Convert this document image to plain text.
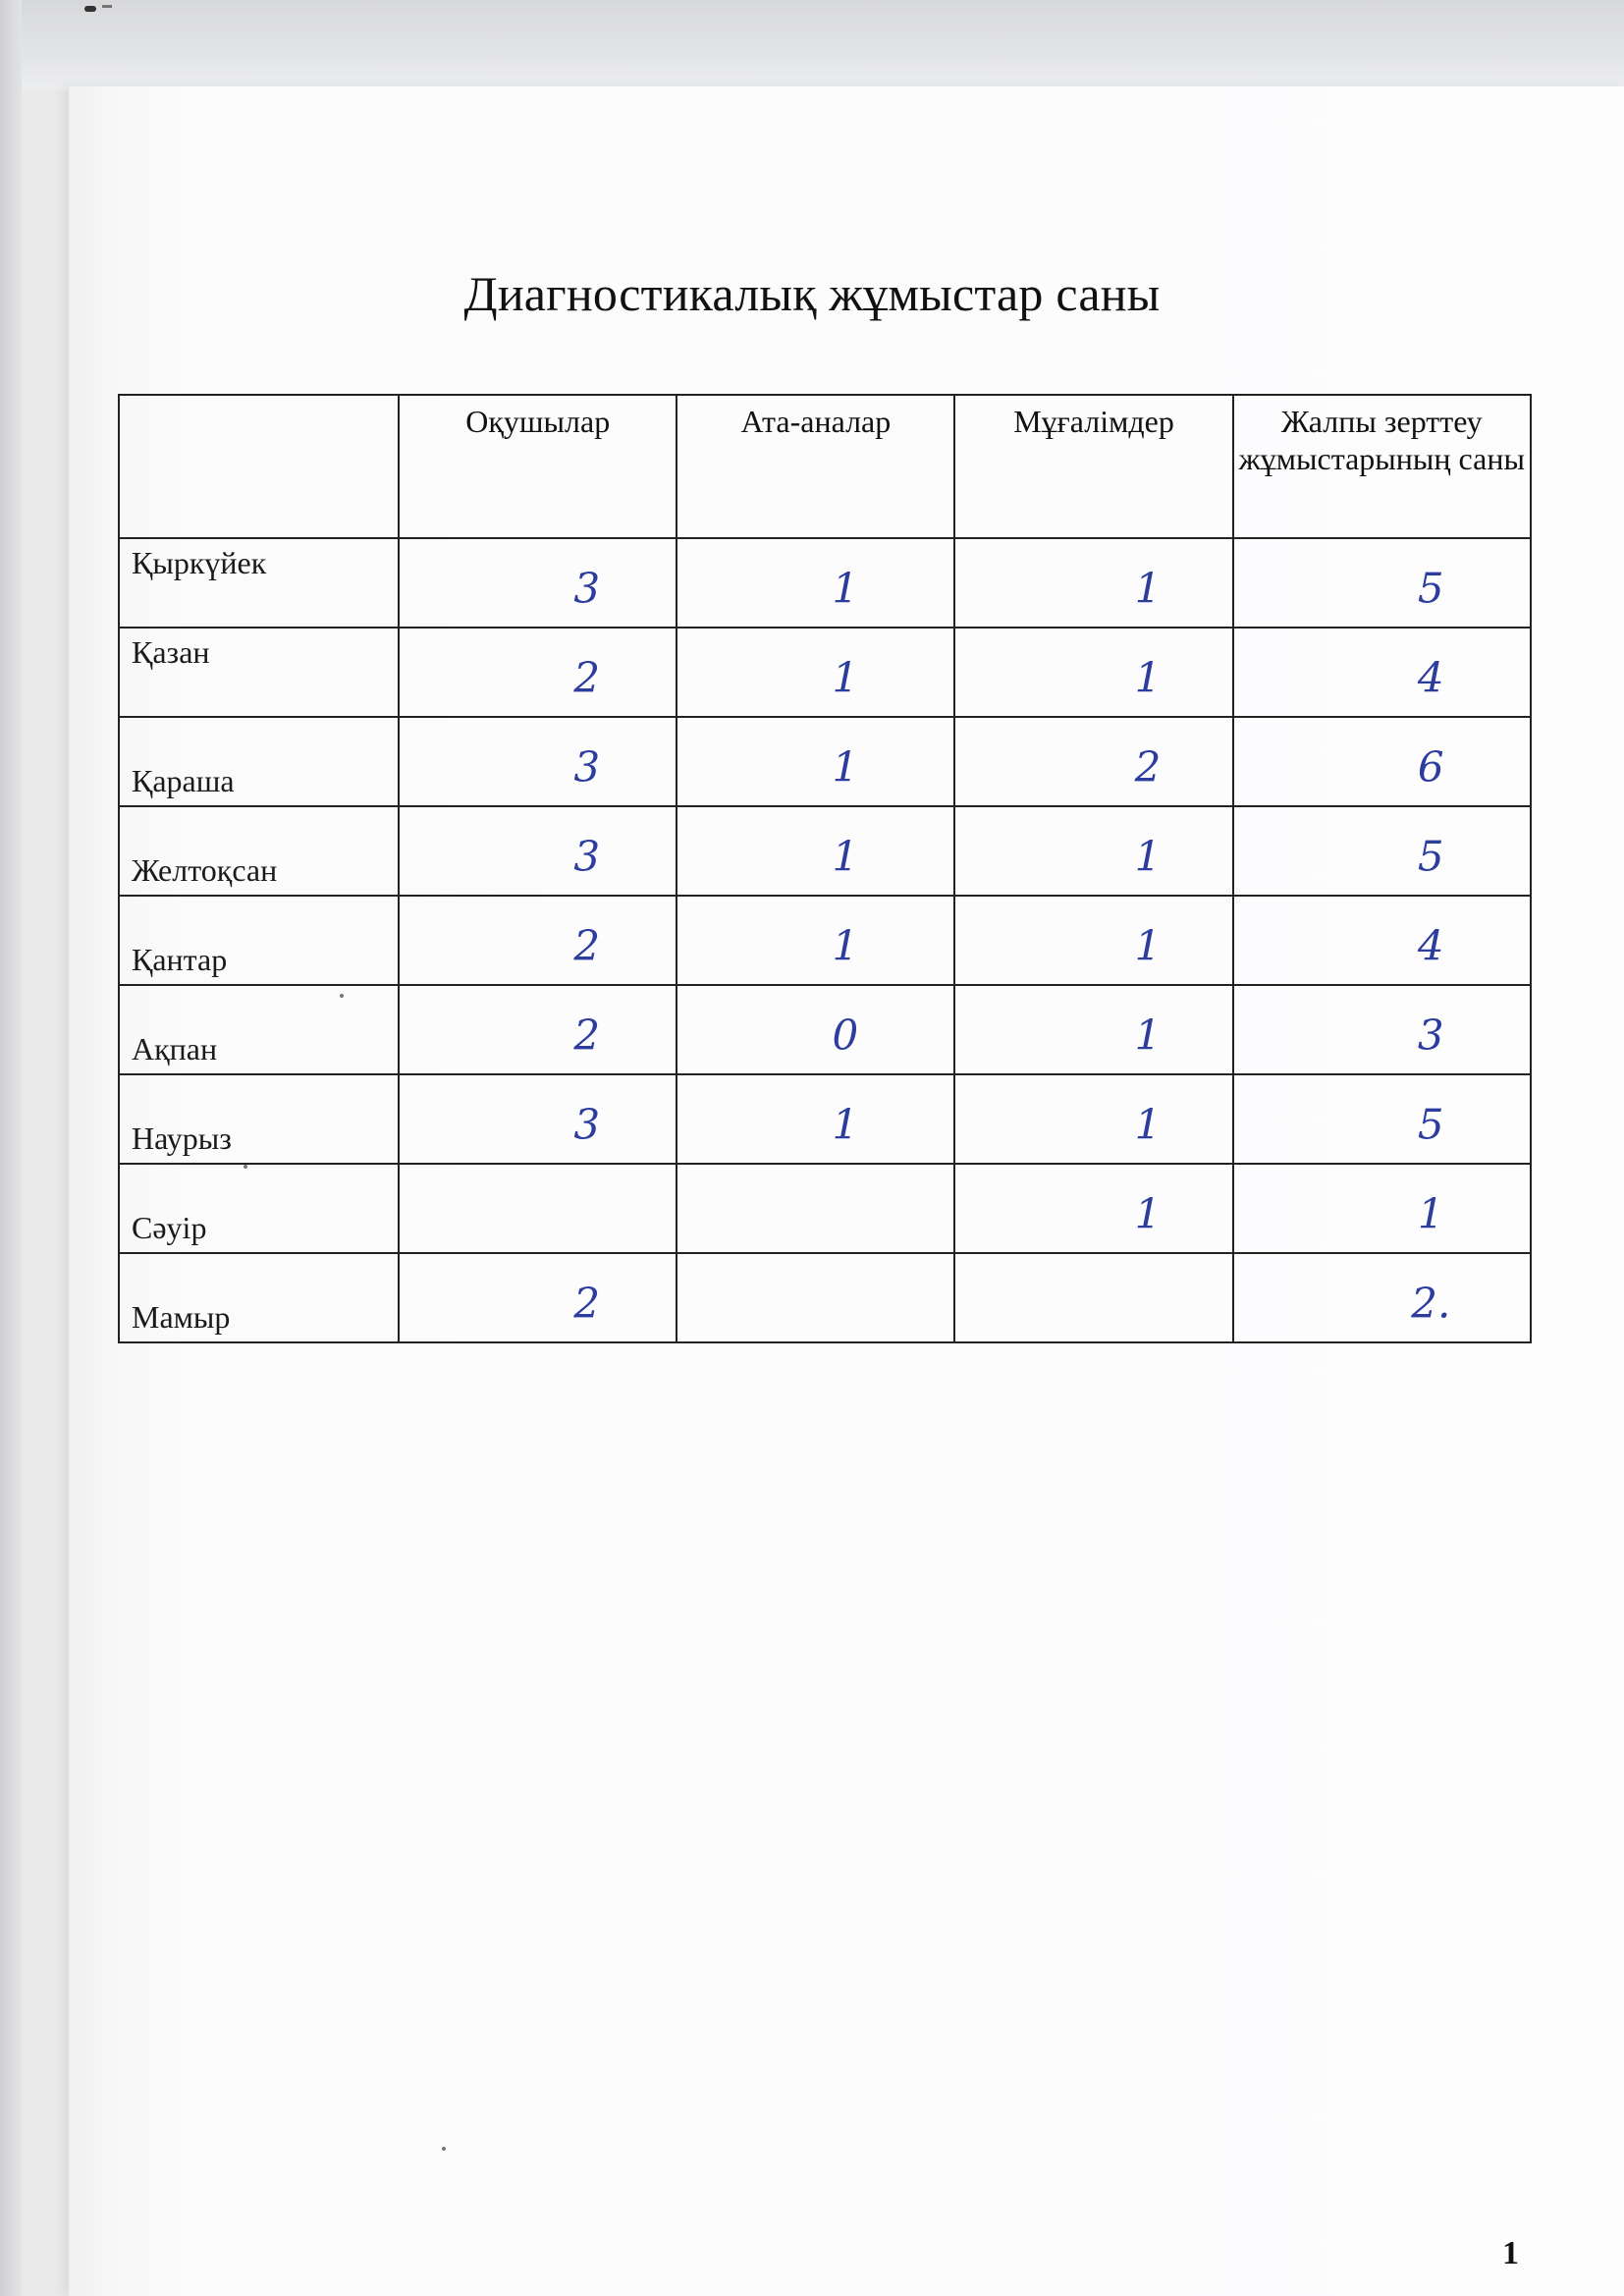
Диагностикалық жұмыстар саны
	Оқушылар	Ата-аналар	Мұғалімдер	Жалпы зерттеу жұмыстарының саны

Қыркүйек	3	1	1	5

Қазан	2	1	1	4

Қараша	3	1	2	6

Желтоқсан	3	1	1	5

Қантар	2	1	1	4

Ақпан	2	0	1	3

Наурыз	3	1	1	5

Сәуір			1	1

Мамыр	2			2.
1
